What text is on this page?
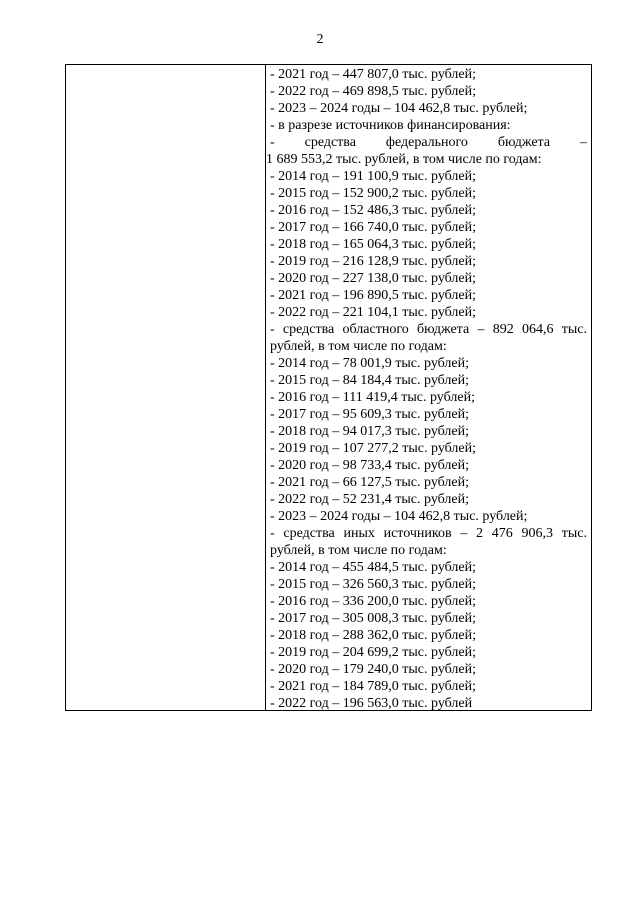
2
- 2021 год – 447 807,0 тыс. рублей;
- 2022 год – 469 898,5 тыс. рублей;
- 2023 – 2024 годы – 104 462,8 тыс. рублей;
- в разрезе источников финансирования:
- средства федерального бюджета –
1 689 553,2 тыс. рублей, в том числе по годам:
- 2014 год – 191 100,9 тыс. рублей;
- 2015 год – 152 900,2 тыс. рублей;
- 2016 год – 152 486,3 тыс. рублей;
- 2017 год – 166 740,0 тыс. рублей;
- 2018 год – 165 064,3 тыс. рублей;
- 2019 год – 216 128,9 тыс. рублей;
- 2020 год – 227 138,0 тыс. рублей;
- 2021 год – 196 890,5 тыс. рублей;
- 2022 год – 221 104,1 тыс. рублей;
- средства областного бюджета – 892 064,6 тыс.
рублей, в том числе по годам:
- 2014 год – 78 001,9 тыс. рублей;
- 2015 год – 84 184,4 тыс. рублей;
- 2016 год – 111 419,4 тыс. рублей;
- 2017 год – 95 609,3 тыс. рублей;
- 2018 год – 94 017,3 тыс. рублей;
- 2019 год – 107 277,2 тыс. рублей;
- 2020 год – 98 733,4 тыс. рублей;
- 2021 год – 66 127,5 тыс. рублей;
- 2022 год – 52 231,4 тыс. рублей;
- 2023 – 2024 годы – 104 462,8 тыс. рублей;
- средства иных источников – 2 476 906,3 тыс.
рублей, в том числе по годам:
- 2014 год – 455 484,5 тыс. рублей;
- 2015 год – 326 560,3 тыс. рублей;
- 2016 год – 336 200,0 тыс. рублей;
- 2017 год – 305 008,3 тыс. рублей;
- 2018 год – 288 362,0 тыс. рублей;
- 2019 год – 204 699,2 тыс. рублей;
- 2020 год – 179 240,0 тыс. рублей;
- 2021 год – 184 789,0 тыс. рублей;
- 2022 год – 196 563,0 тыс. рублей
